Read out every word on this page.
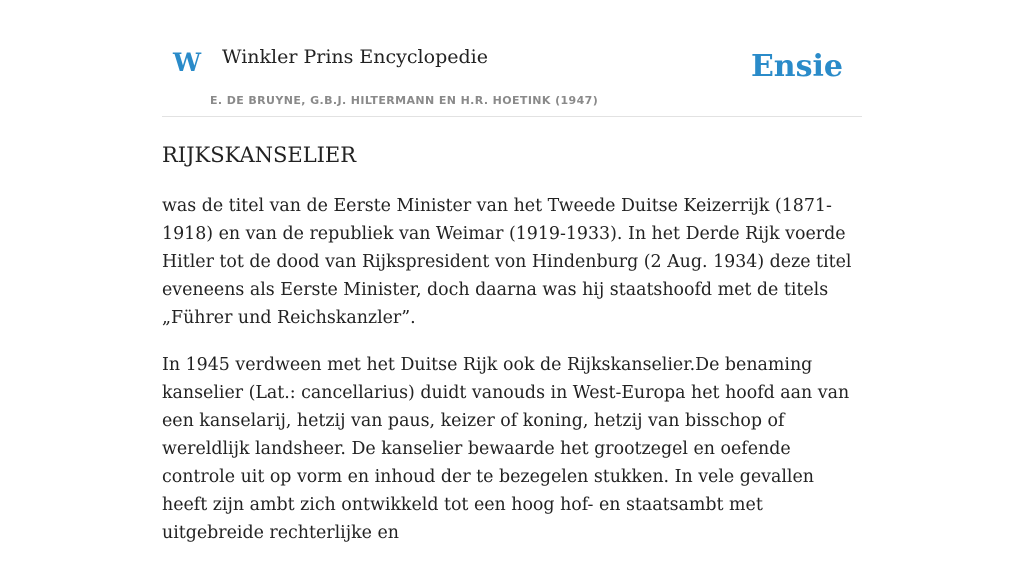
W Winkler Prins Encyclopedie
E. DE BRUYNE, G.B.J. HILTERMANN EN H.R. HOETINK (1947)
Ensie
RIJKSKANSELIER

was de titel van de Eerste Minister van het Tweede Duitse Keizerrijk (1871-1918) en van de republiek van Weimar (1919-1933). In het Derde Rijk voerde Hitler tot de dood van Rijkspresident von Hindenburg (2 Aug. 1934) deze titel eveneens als Eerste Minister, doch daarna was hij staatshoofd met de titels „Führer und Reichskanzler”.

In 1945 verdween met het Duitse Rijk ook de Rijkskanselier.De benaming kanselier (Lat.: cancellarius) duidt vanouds in West-Europa het hoofd aan van een kanselarij, hetzij van paus, keizer of koning, hetzij van bisschop of wereldlijk landsheer. De kanselier bewaarde het grootzegel en oefende controle uit op vorm en inhoud der te bezegelen stukken. In vele gevallen heeft zijn ambt zich ontwikkeld tot een hoog hof- en staatsambt met uitgebreide rechterlijke en
